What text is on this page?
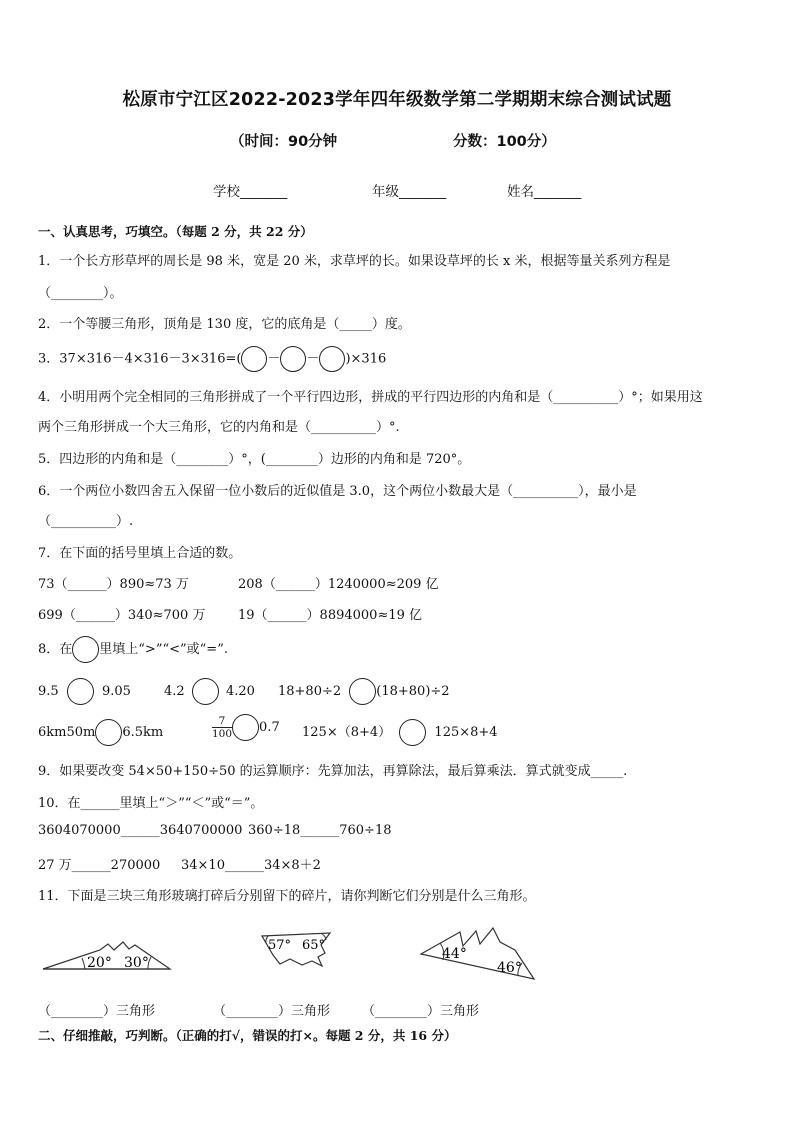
松原市宁江区2022-2023学年四年级数学第二学期期末综合测试试题
（时间：90分钟	分数：100分）
学校_______	年级_______	姓名_______
一、认真思考，巧填空。（每题 2 分，共 22 分）
1．一个长方形草坪的周长是 98 米，宽是 20 米，求草坪的长。如果设草坪的长 x 米，根据等量关系列方程是
（________）。
2．一个等腰三角形，顶角是 130 度，它的底角是（_____）度。
3．37×316－4×316－3×316=( － － )×316
4．小明用两个完全相同的三角形拼成了一个平行四边形，拼成的平行四边形的内角和是（__________）°；如果用这
两个三角形拼成一个大三角形，它的内角和是（__________）°.
5．四边形的内角和是（________）°，(________）边形的内角和是 720°。
6．一个两位小数四舍五入保留一位小数后的近似值是 3.0，这个两位小数最大是（__________），最小是
（__________）.
7．在下面的括号里填上合适的数。
73（______）890≈73 万	208（______）1240000≈209 亿
699（______）340≈700 万	19（______）8894000≈19 亿
8．在 里填上“>”“<”或“=”.
9.5	9.05	4.2	4.20 18+80÷2	(18+80)÷2
6km50m 6.5km	$\frac{7}{100} 0.7$ 125×（8+4）	125×8+4
9．如果要改变 54×50+150÷50 的运算顺序：先算加法，再算除法，最后算乘法．算式就变成_____.
10．在______里填上“＞”“＜”或“＝”。
3604070000______3640700000 360÷18______760÷18
27 万______270000 34×10______34×8＋2
11．下面是三块三角形玻璃打碎后分别留下的碎片，请你判断它们分别是什么三角形。
20° 30°
57° 65°
44°
46°
（________）三角形	（________）三角形 （________）三角形
二、仔细推敲，巧判断。（正确的打√，错误的打×。每题 2 分，共 16 分）
